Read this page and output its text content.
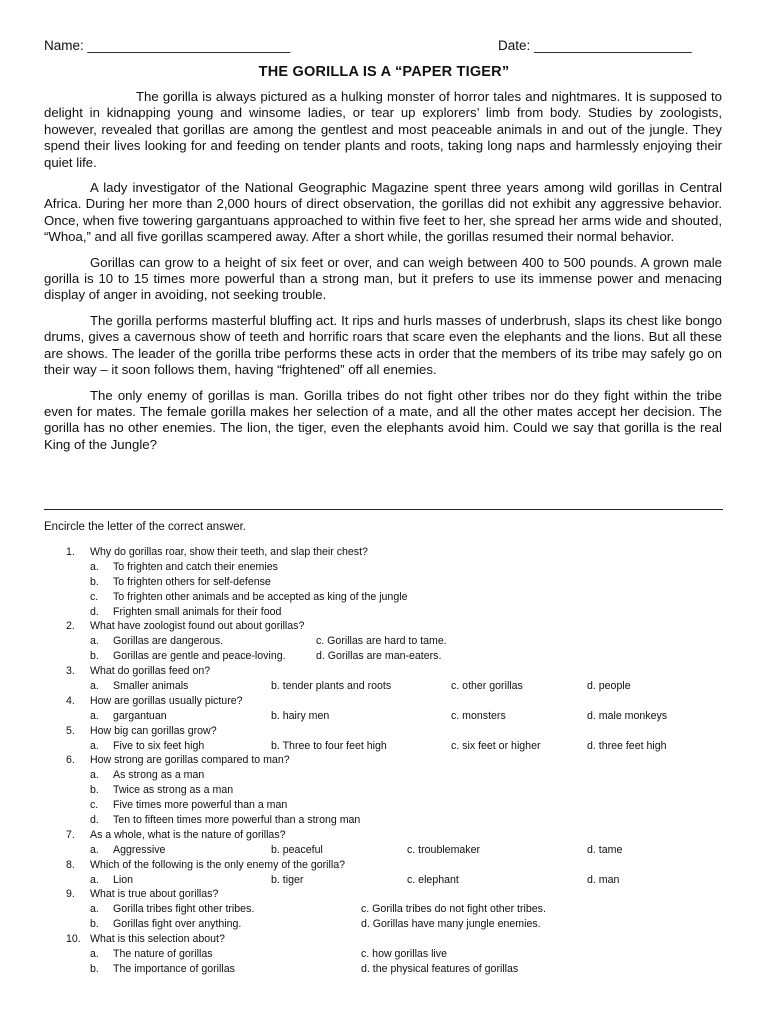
Name: ___________________________	Date: _____________________
THE GORILLA IS A “PAPER TIGER”

The gorilla is always pictured as a hulking monster of horror tales and nightmares. It is supposed to delight in kidnapping young and winsome ladies, or tear up explorers’ limb from body. Studies by zoologists, however, revealed that gorillas are among the gentlest and most peaceable animals in and out of the jungle. They spend their lives looking for and feeding on tender plants and roots, taking long naps and harmlessly enjoying their quiet life.

A lady investigator of the National Geographic Magazine spent three years among wild gorillas in Central Africa. During her more than 2,000 hours of direct observation, the gorillas did not exhibit any aggressive behavior. Once, when five towering gargantuans approached to within five feet to her, she spread her arms wide and shouted, “Whoa,” and all five gorillas scampered away. After a short while, the gorillas resumed their normal behavior.

Gorillas can grow to a height of six feet or over, and can weigh between 400 to 500 pounds. A grown male gorilla is 10 to 15 times more powerful than a strong man, but it prefers to use its immense power and menacing display of anger in avoiding, not seeking trouble.

The gorilla performs masterful bluffing act. It rips and hurls masses of underbrush, slaps its chest like bongo drums, gives a cavernous show of teeth and horrific roars that scare even the elephants and the lions. But all these are shows. The leader of the gorilla tribe performs these acts in order that the members of its tribe may safely go on their way – it soon follows them, having “frightened” off all enemies.

The only enemy of gorillas is man. Gorilla tribes do not fight other tribes nor do they fight within the tribe even for mates. The female gorilla makes her selection of a mate, and all the other mates accept her decision. The gorilla has no other enemies. The lion, the tiger, even the elephants avoid him. Could we say that gorilla is the real King of the Jungle?

Encircle the letter of the correct answer.
1. Why do gorillas roar, show their teeth, and slap their chest?
a. To frighten and catch their enemies
b. To frighten others for self-defense
c. To frighten other animals and be accepted as king of the jungle
d. Frighten small animals for their food
2. What have zoologist found out about gorillas?
a. Gorillas are dangerous.	c. Gorillas are hard to tame.
b. Gorillas are gentle and peace-loving.	d. Gorillas are man-eaters.
3. What do gorillas feed on?
a. Smaller animals	b. tender plants and roots	c. other gorillas	d. people
4. How are gorillas usually picture?
a. gargantuan	b. hairy men	c. monsters	d. male monkeys
5. How big can gorillas grow?
a. Five to six feet high	b. Three to four feet high	c. six feet or higher	d. three feet high
6. How strong are gorillas compared to man?
a. As strong as a man
b. Twice as strong as a man
c. Five times more powerful than a man
d. Ten to fifteen times more powerful than a strong man
7. As a whole, what is the nature of gorillas?
a. Aggressive	b. peaceful	c. troublemaker	d. tame
8. Which of the following is the only enemy of the gorilla?
a. Lion	b. tiger	c. elephant	d. man
9. What is true about gorillas?
a. Gorilla tribes fight other tribes.	c. Gorilla tribes do not fight other tribes.
b. Gorillas fight over anything.	d. Gorillas have many jungle enemies.
10. What is this selection about?
a. The nature of gorillas	c. how gorillas live
b. The importance of gorillas	d. the physical features of gorillas
